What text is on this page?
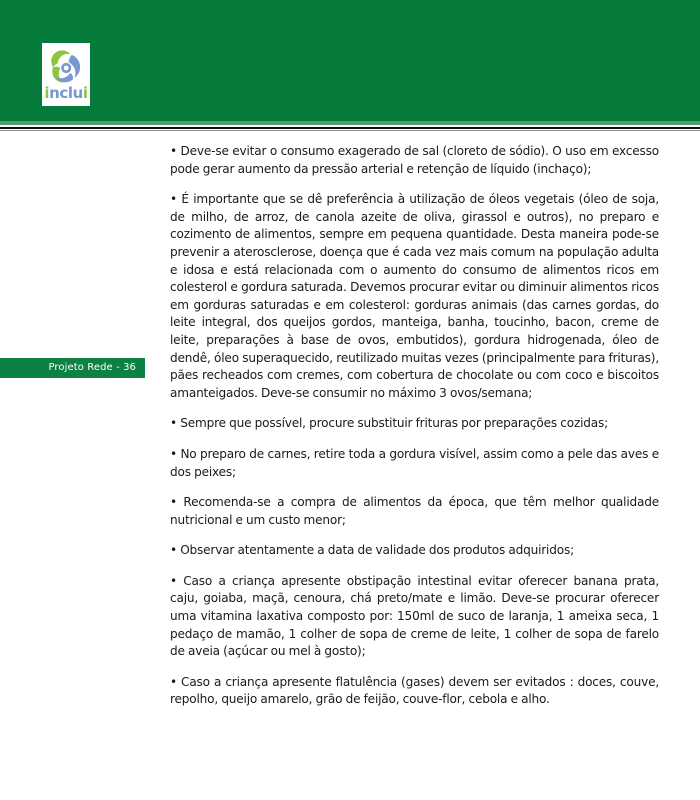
inclui
Projeto Rede - 36

• Deve-se evitar o consumo exagerado de sal (cloreto de sódio). O uso em excesso pode gerar aumento da pressão arterial e retenção de líquido (inchaço);

• É importante que se dê preferência à utilização de óleos vegetais (óleo de soja, de milho, de arroz, de canola azeite de oliva, girassol e outros), no preparo e cozimento de alimentos, sempre em pequena quantidade. Desta maneira pode-se prevenir a aterosclerose, doença que é cada vez mais comum na população adulta e idosa e está relacionada com o aumento do consumo de alimentos ricos em colesterol e gordura saturada. Devemos procurar evitar ou diminuir alimentos ricos em gorduras saturadas e em colesterol: gorduras animais (das carnes gordas, do leite integral, dos queijos gordos, manteiga, banha, toucinho, bacon, creme de leite, preparações à base de ovos, embutidos), gordura hidrogenada, óleo de dendê, óleo superaquecido, reutilizado muitas vezes (principalmente para frituras), pães recheados com cremes, com cobertura de chocolate ou com coco e biscoitos amanteigados. Deve-se consumir no máximo 3 ovos/semana;

• Sempre que possível, procure substituir frituras por preparações cozidas;

• No preparo de carnes, retire toda a gordura visível, assim como a pele das aves e dos peixes;

• Recomenda-se a compra de alimentos da época, que têm melhor qualidade nutricional e um custo menor;

• Observar atentamente a data de validade dos produtos adquiridos;

• Caso a criança apresente obstipação intestinal evitar oferecer banana prata, caju, goiaba, maçã, cenoura, chá preto/mate e limão. Deve-se procurar oferecer uma vitamina laxativa composto por: 150ml de suco de laranja, 1 ameixa seca, 1 pedaço de mamão, 1 colher de sopa de creme de leite, 1 colher de sopa de farelo de aveia (açúcar ou mel à gosto);

• Caso a criança apresente flatulência (gases) devem ser evitados : doces, couve, repolho, queijo amarelo, grão de feijão, couve-flor, cebola e alho.
